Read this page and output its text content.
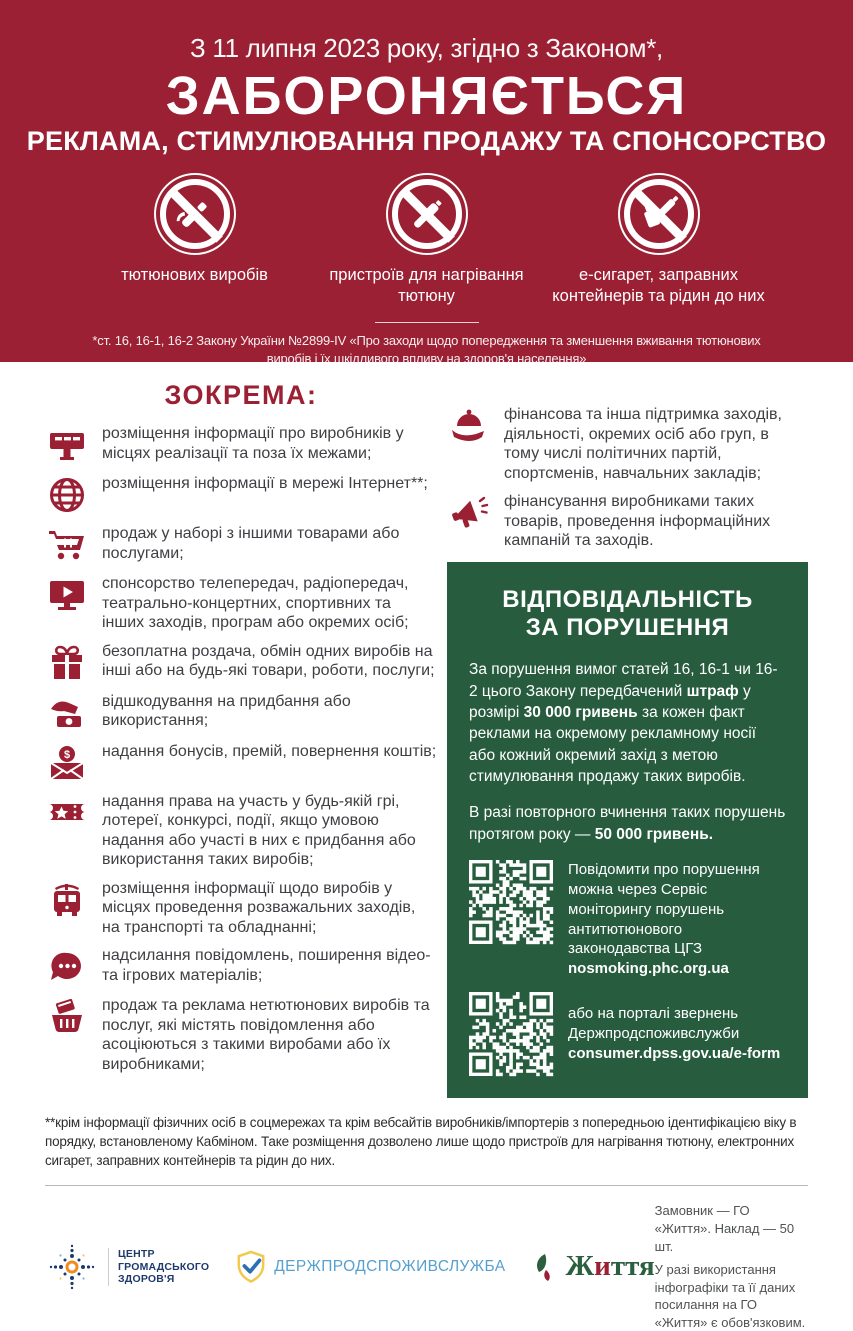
З 11 липня 2023 року, згідно з Законом*,
ЗАБОРОНЯЄТЬСЯ
РЕКЛАМА, СТИМУЛЮВАННЯ ПРОДАЖУ ТА СПОНСОРСТВО
тютюнових виробів	пристроїв для нагрівання тютюну
е-сигарет, заправних контейнерів та рідин до них
*ст. 16, 16-1, 16-2 Закону України №2899-IV «Про заходи щодо попередження та зменшення вживання тютюнових виробів і їх шкідливого впливу на здоров'я населення»
ЗОКРЕМА:
розміщення інформації про виробників у місцях реалізації та поза їх межами;
розміщення інформації в мережі Інтернет**;
продаж у наборі з іншими товарами або послугами;
спонсорство телепередач, радіопередач, театрально-концертних, спортивних та інших заходів, програм або окремих осіб;
безоплатна роздача, обмін одних виробів на інші або на будь-які товари, роботи, послуги;
відшкодування на придбання або використання;
$ надання бонусів, премій, повернення коштів;
надання права на участь у будь-якій грі, лотереї, конкурсі, події, якщо умовою надання або участі в них є придбання або використання таких виробів;
розміщення інформації щодо виробів у місцях проведення розважальних заходів, на транспорті та обладнанні;
надсилання повідомлень, поширення відео- та ігрових матеріалів;
продаж та реклама нетютюнових виробів та послуг, які містять повідомлення або асоціюються з такими виробами або їх виробниками;
фінансова та інша підтримка заходів, діяльності, окремих осіб або груп, в тому числі політичних партій, спортсменів, навчальних закладів;
фінансування виробниками таких товарів, проведення інформаційних кампаній та заходів.
ВІДПОВІДАЛЬНІСТЬ
ЗА ПОРУШЕННЯ

За порушення вимог статей 16, 16-1 чи 16-2 цього Закону передбачений штраф у розмірі 30 000 гривень за кожен факт реклами на окремому рекламному носії або кожний окремий захід з метою стимулювання продажу таких виробів.

В разі повторного вчинення таких порушень протягом року — 50 000 гривень.

Повідомити про порушення можна через Сервіс моніторингу порушень антитютюнового законодавства ЦГЗ nosmoking.phc.org.ua
або на порталі звернень Держпродспоживслужби consumer.dpss.gov.ua/e-form

**крім інформації фізичних осіб в соцмережах та крім вебсайтів виробників/імпортерів з попередньою ідентифікацією віку в порядку, встановленому Кабміном. Таке розміщення дозволено лише щодо пристроїв для нагрівання тютюну, електронних сигарет, заправних контейнерів та рідин до них.

ЦЕНТР
ГРОМАДСЬКОГО
ЗДОРОВ'Я
ДЕРЖПРОДСПОЖИВСЛУЖБА Життя

Замовник — ГО «Життя». Наклад — 50 шт.

У разі використання інфографіки та її даних посилання на ГО «Життя» є обов'язковим.
